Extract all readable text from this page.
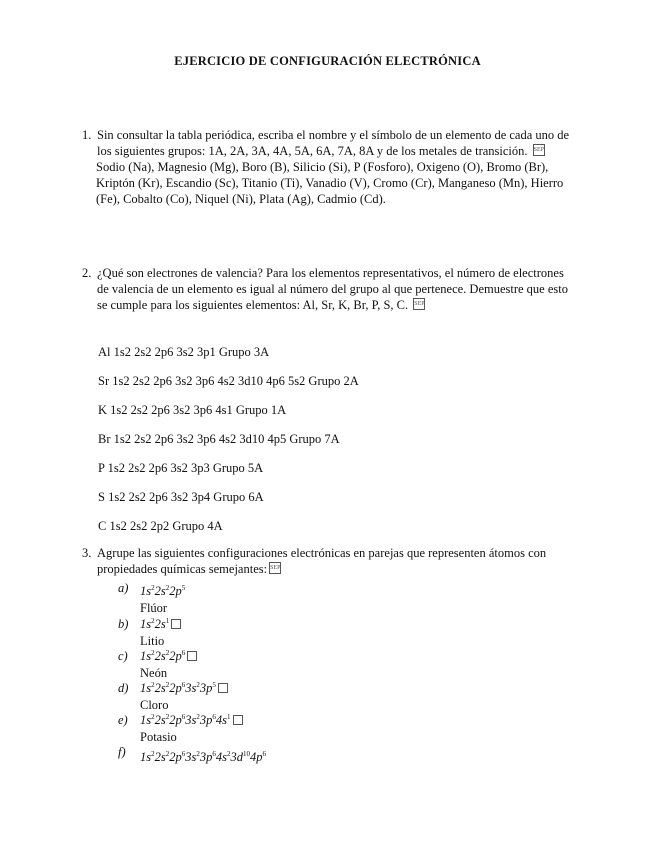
EJERCICIO DE CONFIGURACIÓN ELECTRÓNICA
1. Sin consultar la tabla periódica, escriba el nombre y el símbolo de un elemento de cada uno de los siguientes grupos: 1A, 2A, 3A, 4A, 5A, 6A, 7A, 8A y de los metales de transición. SEP

Sodio (Na), Magnesio (Mg), Boro (B), Silicio (Si), P (Fosforo), Oxigeno (O), Bromo (Br), Kriptón (Kr), Escandio (Sc), Titanio (Ti), Vanadio (V), Cromo (Cr), Manganeso (Mn), Hierro (Fe), Cobalto (Co), Niquel (Ni), Plata (Ag), Cadmio (Cd).

2. ¿Qué son electrones de valencia? Para los elementos representativos, el número de electrones de valencia de un elemento es igual al número del grupo al que pertenece. Demuestre que esto se cumple para los siguientes elementos: Al, Sr, K, Br, P, S, C. SEP

Al 1s2 2s2 2p6 3s2 3p1 Grupo 3A
Sr 1s2 2s2 2p6 3s2 3p6 4s2 3d10 4p6 5s2 Grupo 2A
K 1s2 2s2 2p6 3s2 3p6 4s1 Grupo 1A
Br 1s2 2s2 2p6 3s2 3p6 4s2 3d10 4p5 Grupo 7A
P 1s2 2s2 2p6 3s2 3p3 Grupo 5A
S 1s2 2s2 2p6 3s2 3p4 Grupo 6A
C 1s2 2s2 2p2 Grupo 4A
3. Agrupe las siguientes configuraciones electrónicas en parejas que representen átomos con propiedades químicas semejantes: SEP

a) $1s^22s^22p^5$
Flúor
b) $1s^22s^1$
Litio
c) $1s^22s^22p^6$
Neón
d) $1s^22s^22p^63s^23p^5$
Cloro
e) $1s^22s^22p^63s^23p^64s^1$
Potasio
f) $1s^22s^22p^63s^23p^64s^23d^{10}4p^6$
